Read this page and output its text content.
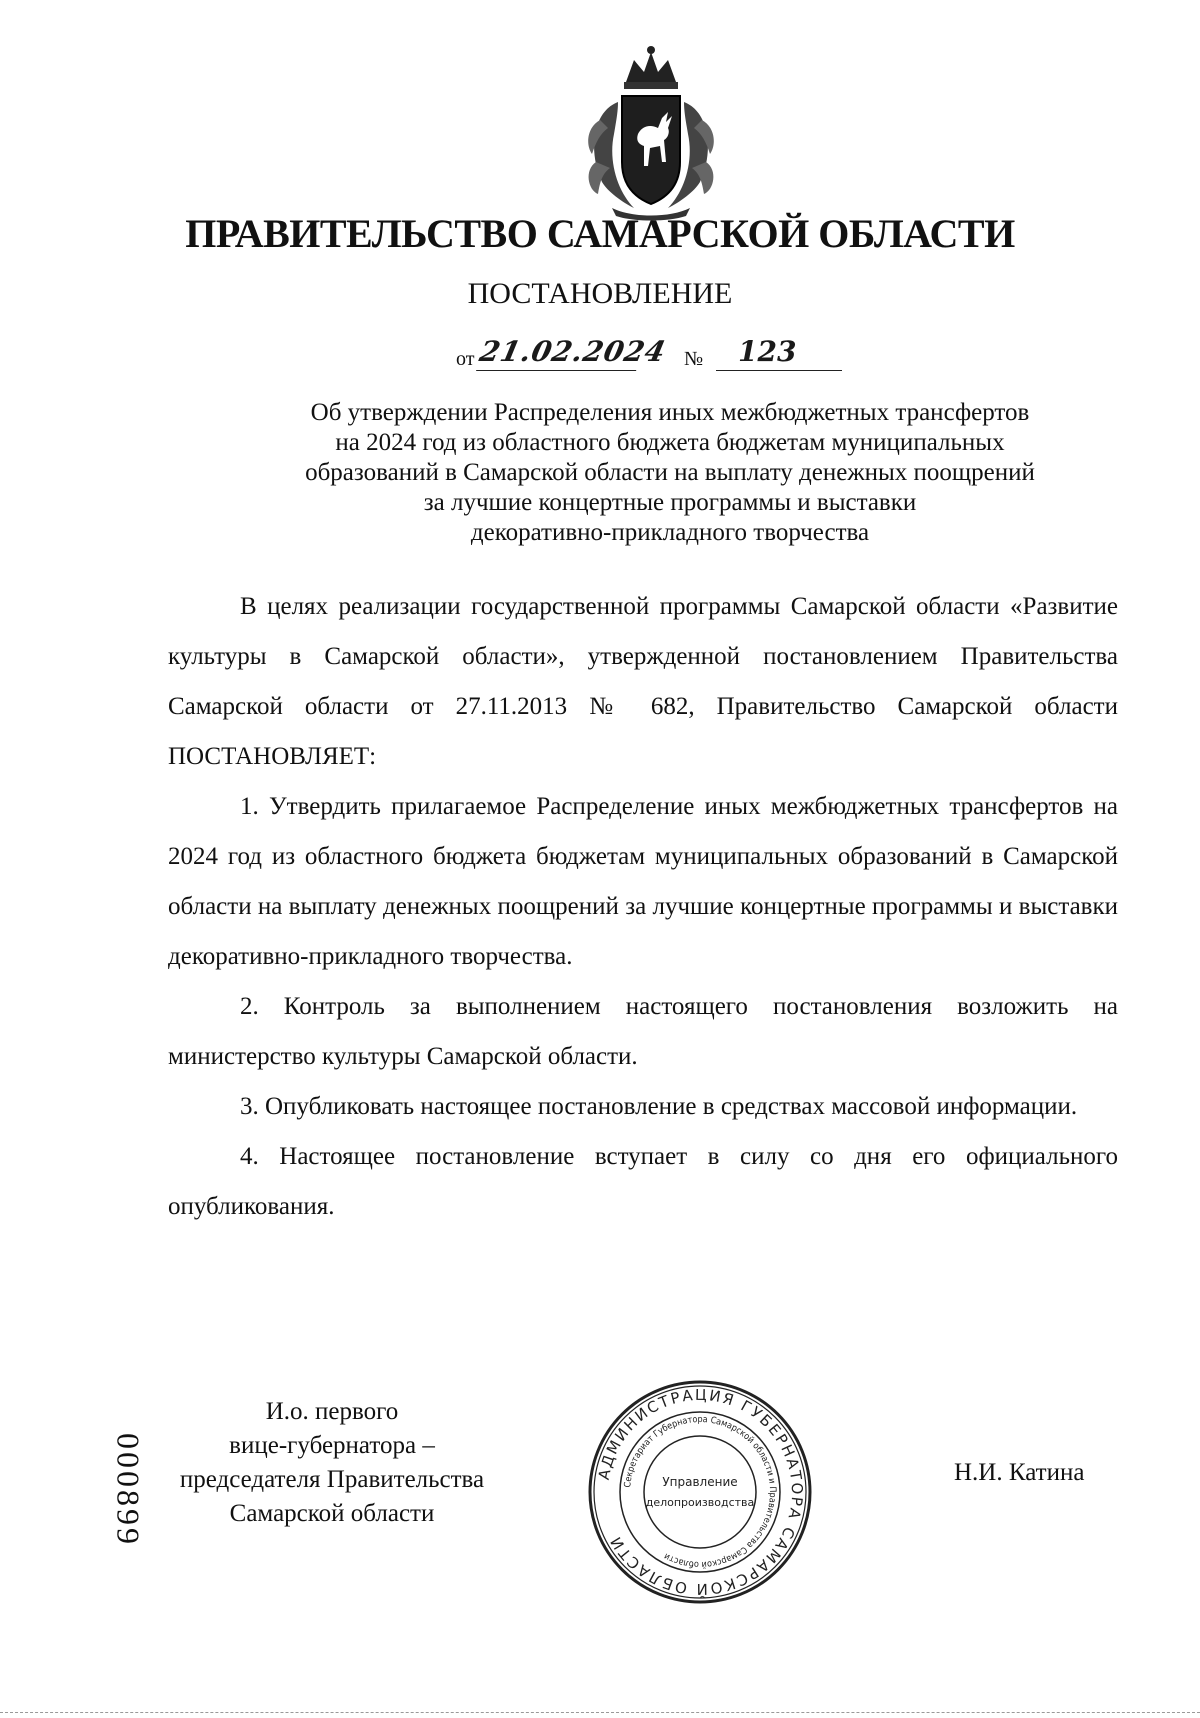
ПРАВИТЕЛЬСТВО САМАРСКОЙ ОБЛАСТИ
ПОСТАНОВЛЕНИЕ
от 21.02.2024 №	123
Об утверждении Распределения иных межбюджетных трансфертов
на 2024 год из областного бюджета бюджетам муниципальных
образований в Самарской области на выплату денежных поощрений
за лучшие концертные программы и выставки
декоративно-прикладного творчества

В целях реализации государственной программы Самарской области «Развитие культуры в Самарской области», утвержденной постановлением Правительства Самарской области от 27.11.2013 № 682, Правительство Самарской области ПОСТАНОВЛЯЕТ:

1. Утвердить прилагаемое Распределение иных межбюджетных трансфертов на 2024 год из областного бюджета бюджетам муниципальных образований в Самарской области на выплату денежных поощрений за лучшие концертные программы и выставки декоративно-прикладного творчества.

2. Контроль за выполнением настоящего постановления возложить на министерство культуры Самарской области.

3. Опубликовать настоящее постановление в средствах массовой информации.

4. Настоящее постановление вступает в силу со дня его официального опубликования.

И.о. первого
вице-губернатора –
председателя Правительства
Самарской области
АДМИНИСТРАЦИЯ ГУБЕРНАТОРА САМАРСКОЙ ОБЛАСТИ
Секретариат Губернатора Самарской области и Правительства Самарской области
Управление
делопроизводства
Н.И. Катина
000899
